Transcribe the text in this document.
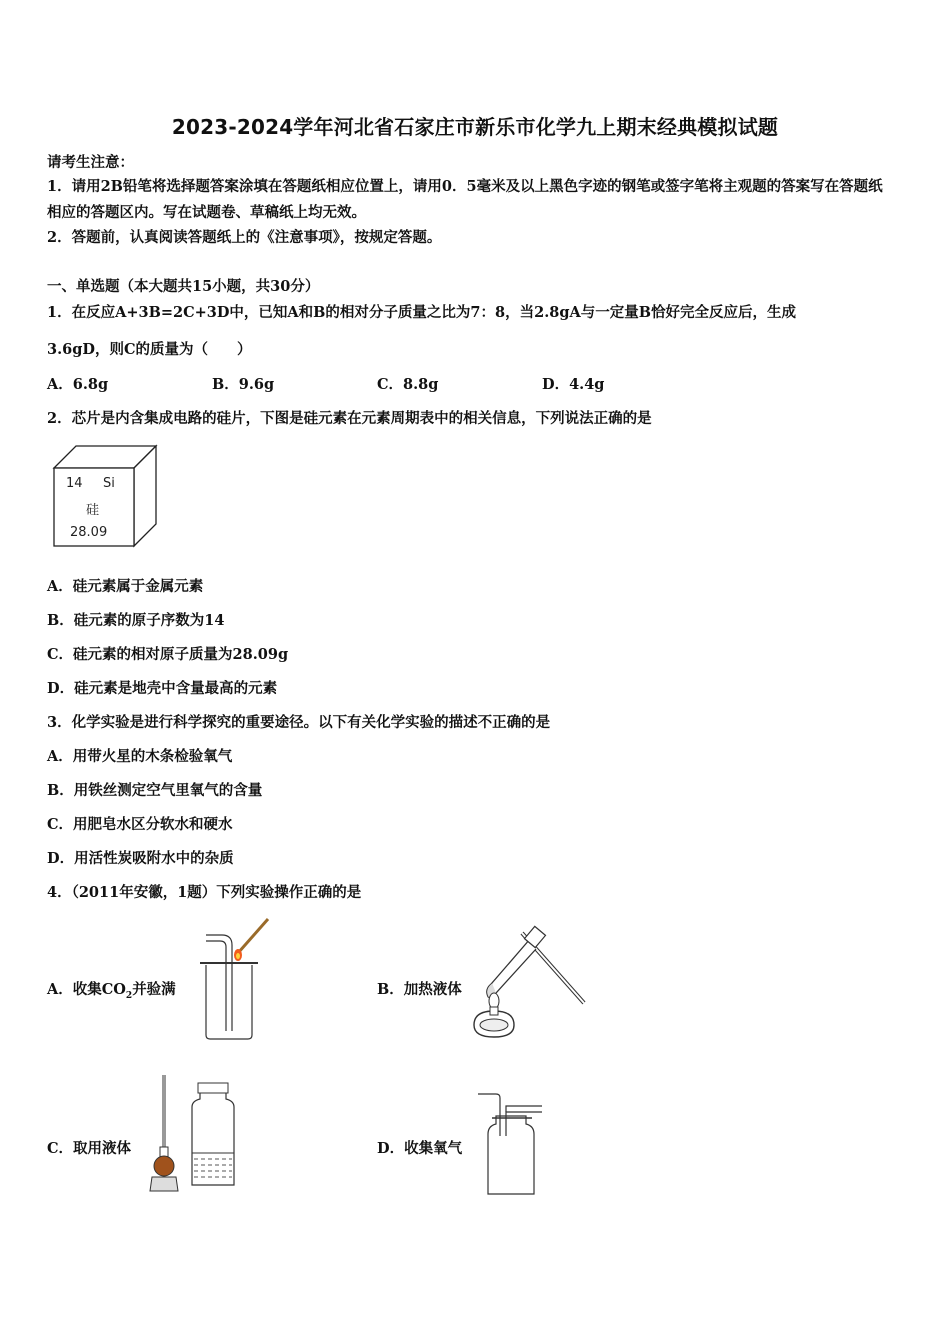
2023-2024学年河北省石家庄市新乐市化学九上期末经典模拟试题
请考生注意：
1．请用2B铅笔将选择题答案涂填在答题纸相应位置上，请用0．5毫米及以上黑色字迹的钢笔或签字笔将主观题的答案写在答题纸相应的答题区内。写在试题卷、草稿纸上均无效。
2．答题前，认真阅读答题纸上的《注意事项》，按规定答题。
一、单选题（本大题共15小题，共30分）
1．在反应A+3B=2C+3D中，已知A和B的相对分子质量之比为7：8，当2.8gA与一定量B恰好完全反应后，生成
3.6gD，则C的质量为（　　）
A．6.8g	B．9.6g	C．8.8g	D．4.4g
2．芯片是内含集成电路的硅片，下图是硅元素在元素周期表中的相关信息，下列说法正确的是
14 Si
硅
28.09
A．硅元素属于金属元素
B．硅元素的原子序数为14
C．硅元素的相对原子质量为28.09g
D．硅元素是地壳中含量最高的元素
3．化学实验是进行科学探究的重要途径。以下有关化学实验的描述不正确的是
A．用带火星的木条检验氧气
B．用铁丝测定空气里氧气的含量
C．用肥皂水区分软水和硬水
D．用活性炭吸附水中的杂质
4．（2011年安徽，1题）下列实验操作正确的是
A．收集$CO_2$并验满	B．加热液体
C．取用液体	D．收集氧气
